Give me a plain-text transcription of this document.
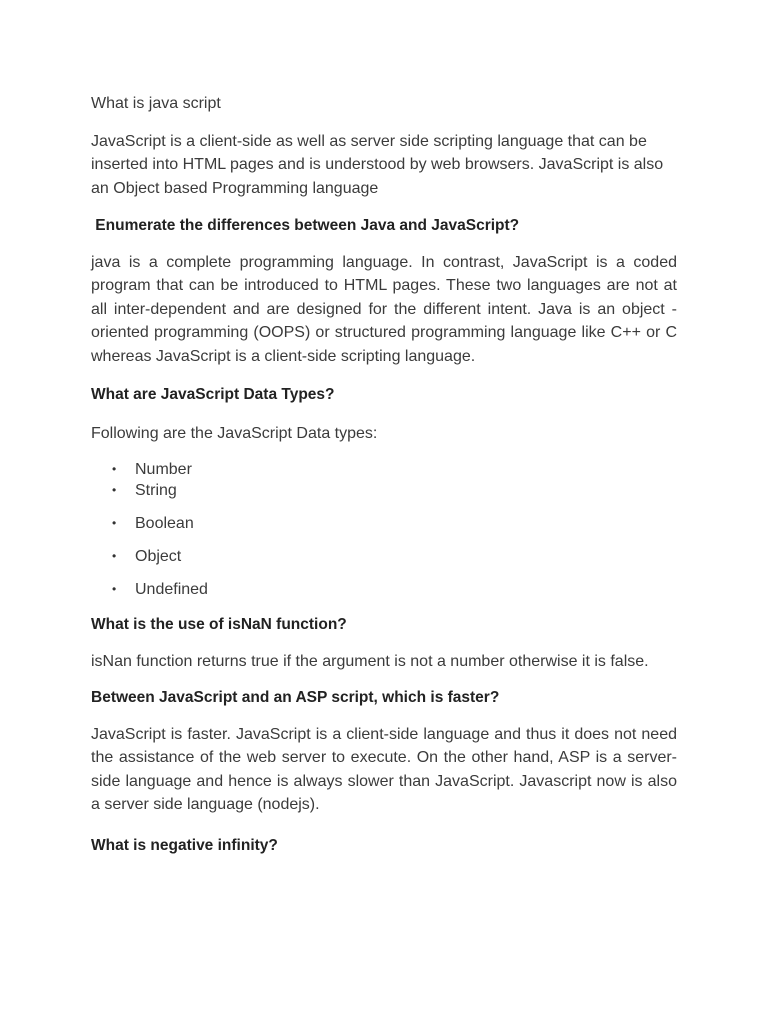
What is java script

JavaScript is a client-side as well as server side scripting language that can be inserted into HTML pages and is understood by web browsers. JavaScript is also an Object based Programming language

Enumerate the differences between Java and JavaScript?

java is a complete programming language. In contrast, JavaScript is a coded program that can be introduced to HTML pages. These two languages are not at all inter-dependent and are designed for the different intent. Java is an object - oriented programming (OOPS) or structured programming language like C++ or C whereas JavaScript is a client-side scripting language.

What are JavaScript Data Types?

Following are the JavaScript Data types:

• Number
• String
• Boolean
• Object
• Undefined

What is the use of isNaN function?

isNan function returns true if the argument is not a number otherwise it is false.

Between JavaScript and an ASP script, which is faster?

JavaScript is faster. JavaScript is a client-side language and thus it does not need the assistance of the web server to execute. On the other hand, ASP is a server-side language and hence is always slower than JavaScript. Javascript now is also a server side language (nodejs).

What is negative infinity?
